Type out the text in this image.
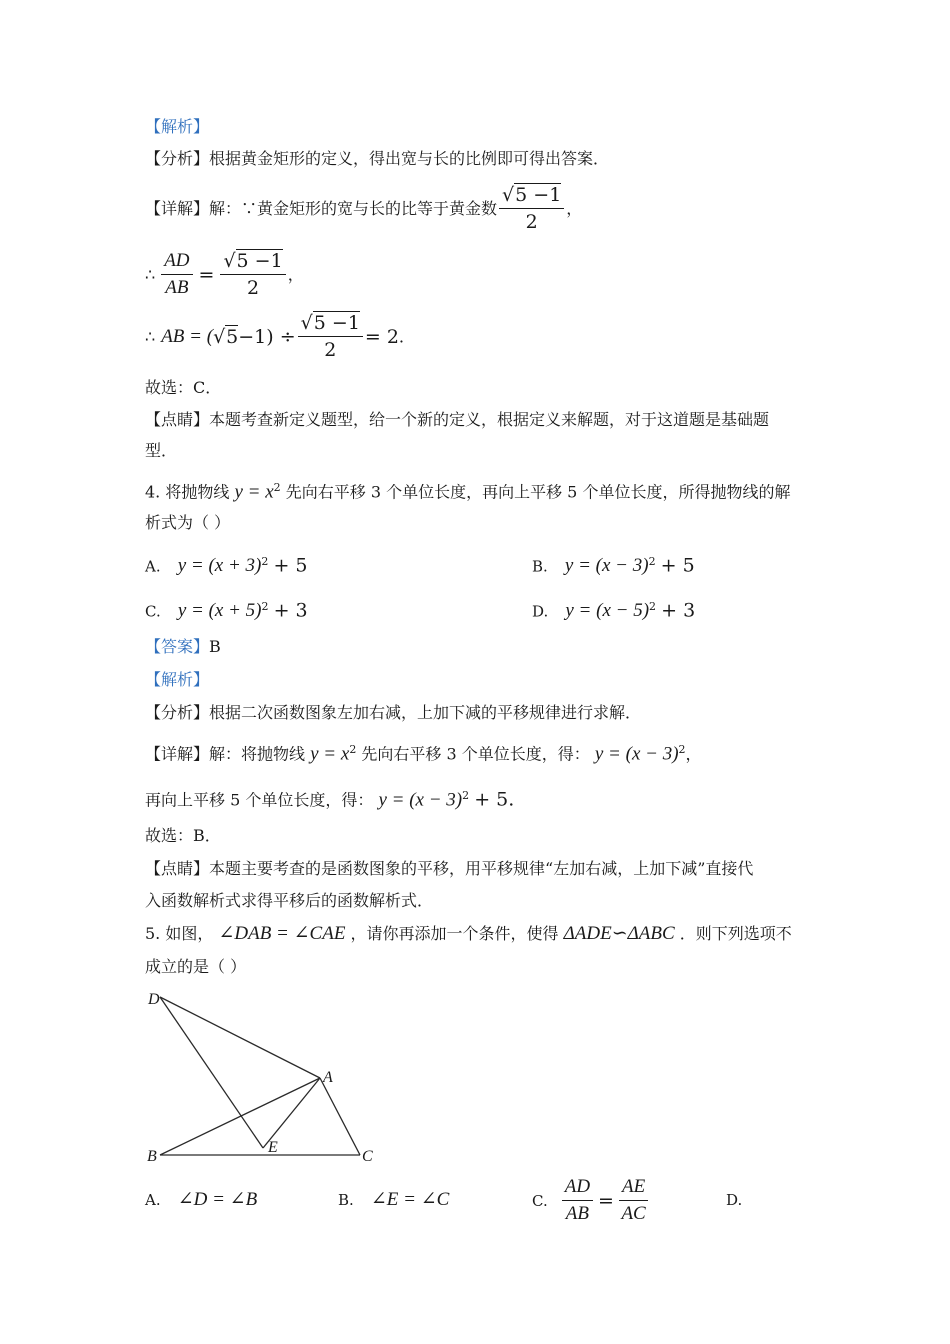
【解析】
【分析】根据黄金矩形的定义，得出宽与长的比例即可得出答案．
【详解】 解：∵黄金矩形的宽与长的比等于黄金数 $\frac{√5 -1}{2}$ ，
∴ $\frac{AD}{AB} = \frac{√5 -1}{2}$ ，
∴ AB = ( $√5 -1) \div \frac{√5 -1}{2} = 2$ ．
故选：C．
【点睛】本题考查新定义题型，给一个新的定义，根据定义来解题，对于这道题是基础题
型．
4. 将抛物线 $y = x^2$ 先向右平移 3 个单位长度，再向上平移 5 个单位长度，所得抛物线的解
析式为（ ）
A. $y = (x + 3)^2 + 5$	B. $y = (x - 3)^2 + 5$
C. $y = (x + 5)^2 + 3$	D. $y = (x - 5)^2 + 3$
【答案】B
【解析】
【分析】根据二次函数图象左加右减，上加下减的平移规律进行求解．
【详解】解：将抛物线 $y = x^2$ 先向右平移 3 个单位长度，得： $y = (x - 3)^2$，
再向上平移 5 个单位长度，得： $y = (x - 3)^2 + 5$.
故选：B．
【点睛】本题主要考查的是函数图象的平移，用平移规律“左加右减，上加下减”直接代
入函数解析式求得平移后的函数解析式．
5. 如图， ∠DAB = ∠CAE ，请你再添加一个条件，使得 ΔADE∽ΔABC ．则下列选项不
成立的是（ ）
D
A
B
E
C
A. ∠D = ∠B	B. ∠E = ∠C	C. $\frac{AD}{AB} = \frac{AE}{AC}$	D.
